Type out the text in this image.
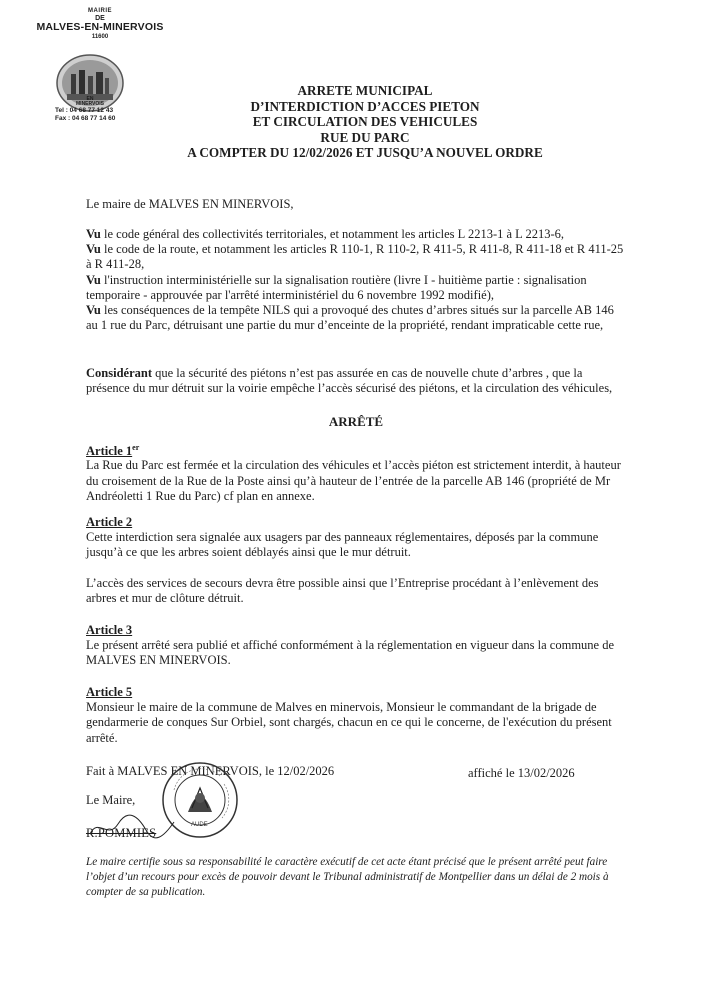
MAIRIE
DE
MALVES-EN-MINERVOIS
11600
EN
MINERVOIS
Tel : 04 68 77 12 43
Fax : 04 68 77 14 60
ARRETE MUNICIPAL
D’INTERDICTION D’ACCES PIETON
ET CIRCULATION DES VEHICULES
RUE DU PARC
A COMPTER DU 12/02/2026 ET JUSQU’A NOUVEL ORDRE
Le maire de MALVES EN MINERVOIS,
Vu le code général des collectivités territoriales, et notamment les articles L 2213-1 à L 2213-6,
Vu le code de la route, et notamment les articles R 110-1, R 110-2, R 411-5, R 411-8, R 411-18 et R 411-25 à R 411-28,
Vu l'instruction interministérielle sur la signalisation routière (livre I - huitième partie : signalisation temporaire - approuvée par l'arrêté interministériel du 6 novembre 1992 modifié),
Vu les conséquences de la tempête NILS qui a provoqué des chutes d’arbres situés sur la parcelle AB 146 au 1 rue du Parc, détruisant une partie du mur d’enceinte de la propriété, rendant impraticable cette rue,
Considérant que la sécurité des piétons n’est pas assurée en cas de nouvelle chute d’arbres , que la présence du mur détruit sur la voirie empêche l’accès sécurisé des piétons, et la circulation des véhicules,
ARRÊTÉ
Article 1er
La Rue du Parc est fermée et la circulation des véhicules et l’accès piéton est strictement interdit, à hauteur du croisement de la Rue de la Poste ainsi qu’à hauteur de l’entrée de la parcelle AB 146 (propriété de Mr Andréoletti 1 Rue du Parc) cf plan en annexe.
Article 2
Cette interdiction sera signalée aux usagers par des panneaux réglementaires, déposés par la commune jusqu’à ce que les arbres soient déblayés ainsi que le mur détruit.
L’accès des services de secours devra être possible ainsi que l’Entreprise procédant à l’enlèvement des arbres et mur de clôture détruit.
Article 3
Le présent arrêté sera publié et affiché conformément à la réglementation en vigueur dans la commune de MALVES EN MINERVOIS.
Article 5
Monsieur le maire de la commune de Malves en minervois, Monsieur le commandant de la brigade de gendarmerie de conques Sur Orbiel, sont chargés, chacun en ce qui le concerne, de l'exécution du présent arrêté.
Fait à MALVES EN MINERVOIS, le 12/02/2026	affiché le 13/02/2026
Le Maire,
AUDE
R.POMMIES
Le maire certifie sous sa responsabilité le caractère exécutif de cet acte étant précisé que le présent arrêté peut faire l’objet d’un recours pour excès de pouvoir devant le Tribunal administratif de Montpellier dans un délai de 2 mois à compter de sa publication.
